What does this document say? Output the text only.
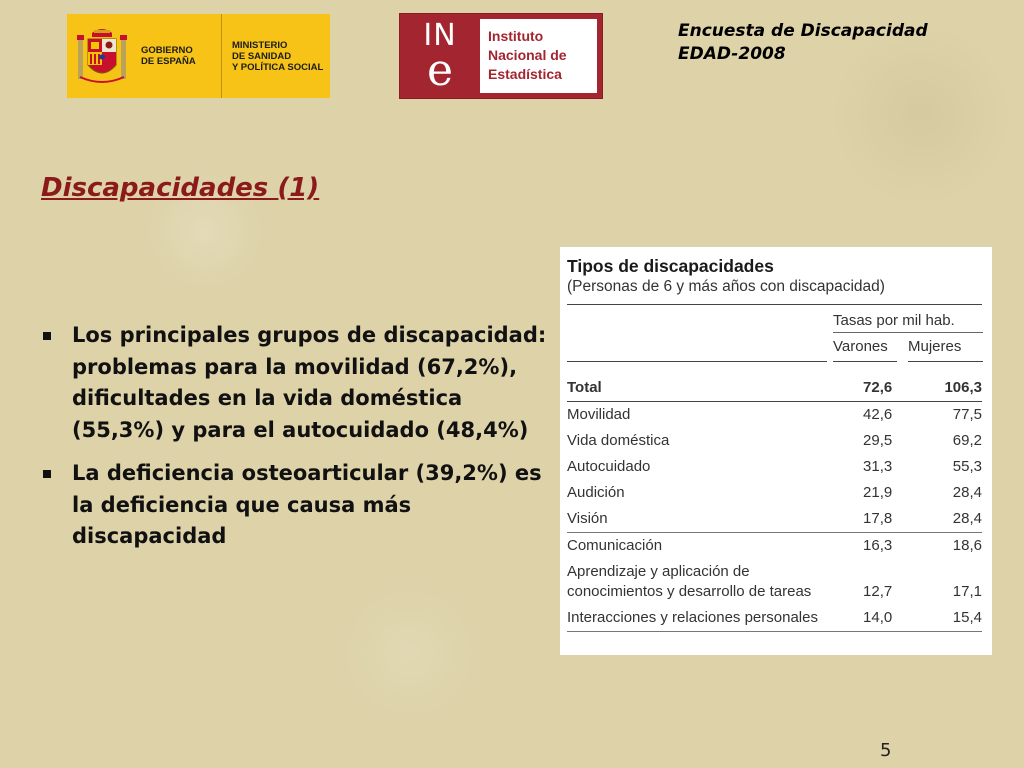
GOBIERNO
DE ESPAÑA
MINISTERIO
DE SANIDAD
Y POLÍTICA SOCIAL
IN
e
Instituto
Nacional de
Estadística
Encuesta de Discapacidad
EDAD-2008
Discapacidades (1)
Los principales grupos de discapacidad: problemas para la movilidad (67,2%), dificultades en la vida doméstica (55,3%) y para el autocuidado (48,4%)
La deficiencia osteoarticular (39,2%) es la deficiencia que causa más discapacidad
Tipos de discapacidades
(Personas de 6 y más años con discapacidad)
Tasas por mil hab.
Varones	Mujeres
Total	72,6	106,3
Movilidad	42,6	77,5
Vida doméstica	29,5	69,2
Autocuidado	31,3	55,3
Audición	21,9	28,4
Visión	17,8	28,4
Comunicación	16,3	18,6
Aprendizaje y aplicación de
conocimientos y desarrollo de tareas	12,7	17,1
Interacciones y relaciones personales	14,0	15,4
5
